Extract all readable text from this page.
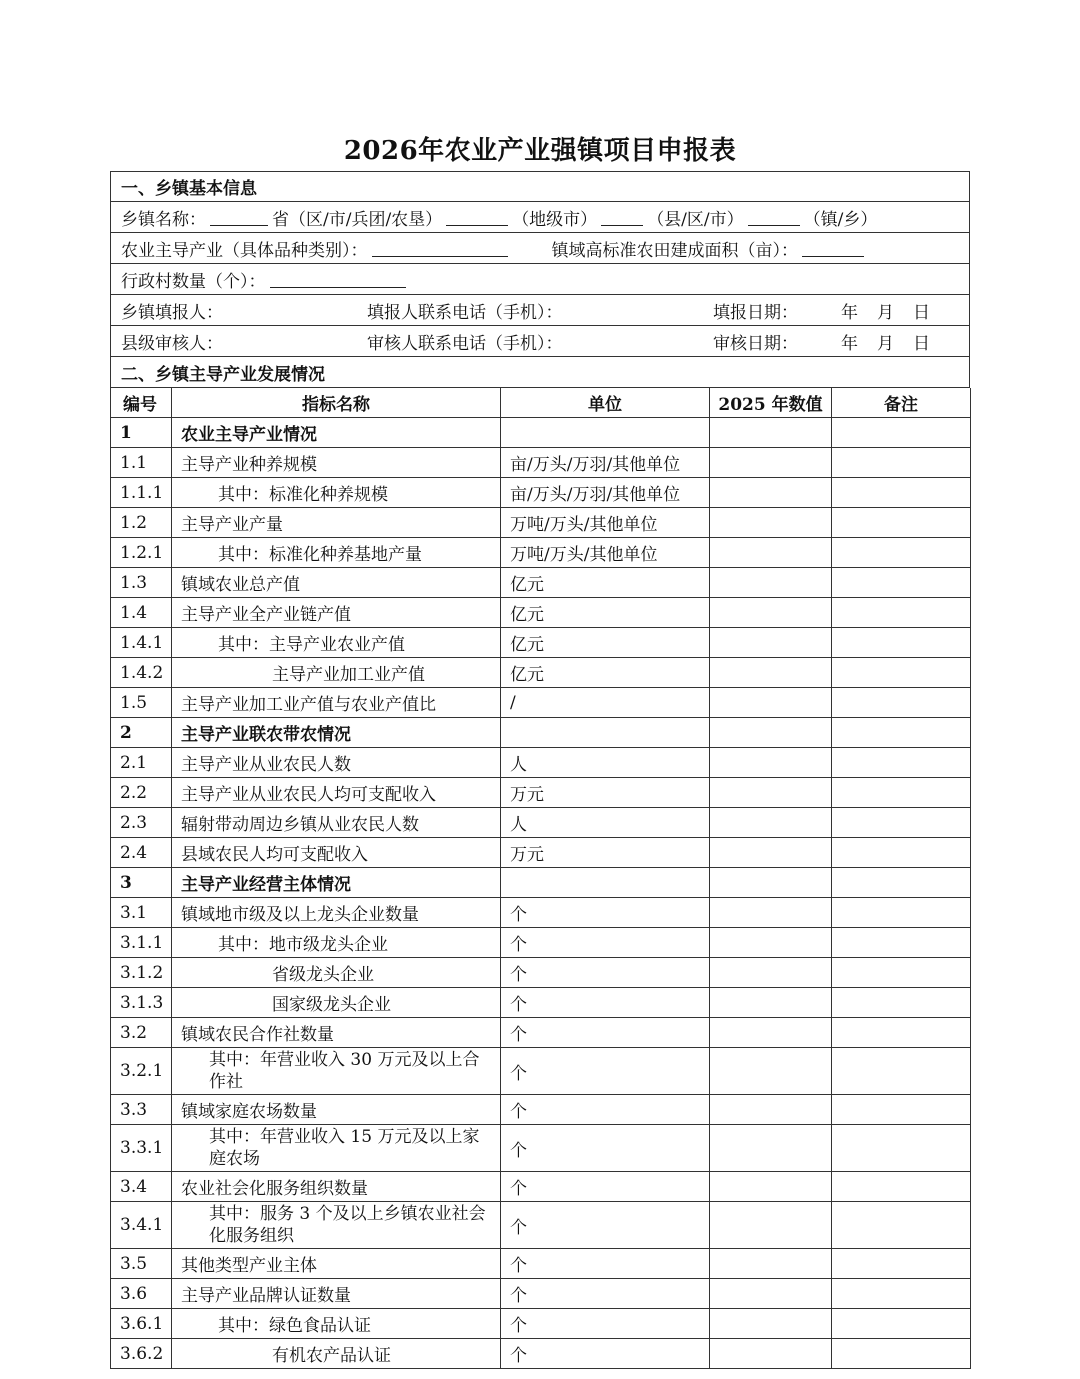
2026年农业产业强镇项目申报表
一、乡镇基本信息
乡镇名称：	省（区/市/兵团/农垦）	（地级市）	（县/区/市）	（镇/乡）
农业主导产业（具体品种类别）：	镇域高标准农田建成面积（亩）：
行政村数量（个）：
乡镇填报人：	填报人联系电话（手机）：	填报日期：	年	月	日
县级审核人：	审核人联系电话（手机）：	审核日期：	年	月	日
二、乡镇主导产业发展情况
编号	指标名称	单位	2025 年数值	备注
1	农业主导产业情况			
1.1	主导产业种养规模	亩/万头/万羽/其他单位		
1.1.1	其中：标准化种养规模	亩/万头/万羽/其他单位		
1.2	主导产业产量	万吨/万头/其他单位		
1.2.1	其中：标准化种养基地产量	万吨/万头/其他单位		
1.3	镇域农业总产值	亿元		
1.4	主导产业全产业链产值	亿元		
1.4.1	其中：主导产业农业产值	亿元		
1.4.2	主导产业加工业产值	亿元		
1.5	主导产业加工业产值与农业产值比	/		
2	主导产业联农带农情况			
2.1	主导产业从业农民人数	人		
2.2	主导产业从业农民人均可支配收入	万元		
2.3	辐射带动周边乡镇从业农民人数	人		
2.4	县域农民人均可支配收入	万元		
3	主导产业经营主体情况			
3.1	镇域地市级及以上龙头企业数量	个		
3.1.1	其中：地市级龙头企业	个		
3.1.2	省级龙头企业	个		
3.1.3	国家级龙头企业	个		
3.2	镇域农民合作社数量	个		
3.2.1	其中：年营业收入 30 万元及以上合作社	个		
3.3	镇域家庭农场数量	个		
3.3.1	其中：年营业收入 15 万元及以上家庭农场	个		
3.4	农业社会化服务组织数量	个		
3.4.1	其中：服务 3 个及以上乡镇农业社会化服务组织	个		
3.5	其他类型产业主体	个		
3.6	主导产业品牌认证数量	个		
3.6.1	其中：绿色食品认证	个		
3.6.2	有机农产品认证	个		
